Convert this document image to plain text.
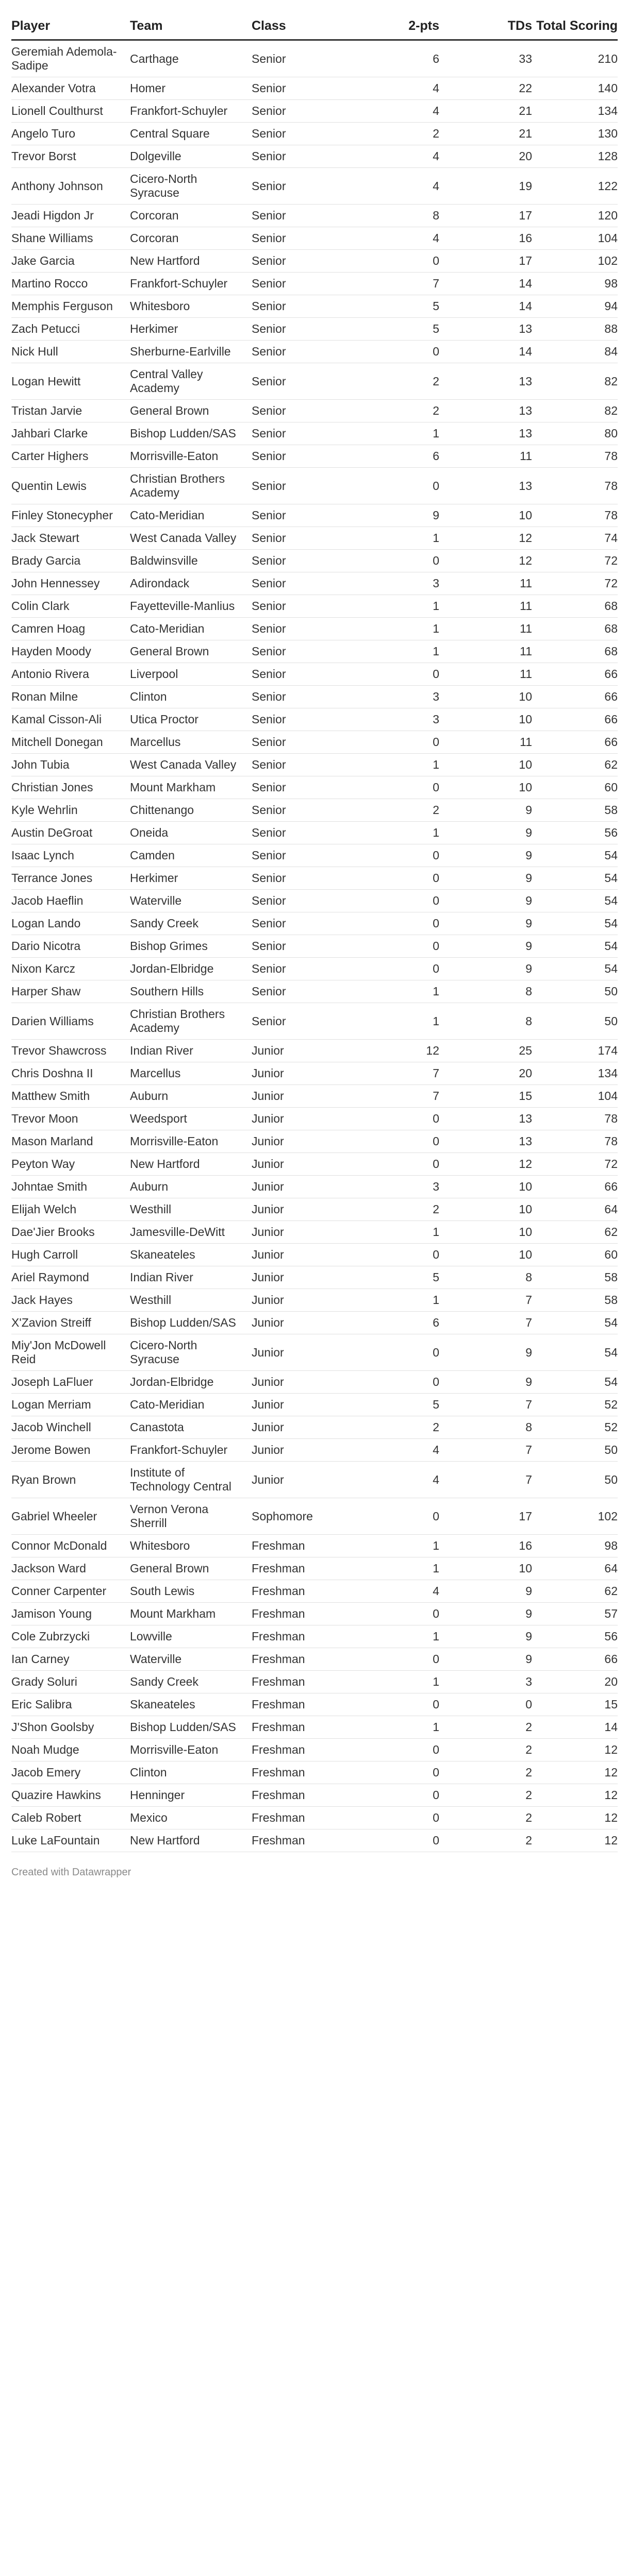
Player	Team	Class	2-pts	TDs	Total Scoring
Geremiah Ademola-Sadipe	Carthage	Senior	6	33	210
Alexander Votra	Homer	Senior	4	22	140
Lionell Coulthurst	Frankfort-Schuyler	Senior	4	21	134
Angelo Turo	Central Square	Senior	2	21	130
Trevor Borst	Dolgeville	Senior	4	20	128
Anthony Johnson	Cicero-North Syracuse	Senior	4	19	122
Jeadi Higdon Jr	Corcoran	Senior	8	17	120
Shane Williams	Corcoran	Senior	4	16	104
Jake Garcia	New Hartford	Senior	0	17	102
Martino Rocco	Frankfort-Schuyler	Senior	7	14	98
Memphis Ferguson	Whitesboro	Senior	5	14	94
Zach Petucci	Herkimer	Senior	5	13	88
Nick Hull	Sherburne-Earlville	Senior	0	14	84
Logan Hewitt	Central Valley Academy	Senior	2	13	82
Tristan Jarvie	General Brown	Senior	2	13	82
Jahbari Clarke	Bishop Ludden/SAS	Senior	1	13	80
Carter Highers	Morrisville-Eaton	Senior	6	11	78
Quentin Lewis	Christian Brothers Academy	Senior	0	13	78
Finley Stonecypher	Cato-Meridian	Senior	9	10	78
Jack Stewart	West Canada Valley	Senior	1	12	74
Brady Garcia	Baldwinsville	Senior	0	12	72
John Hennessey	Adirondack	Senior	3	11	72
Colin Clark	Fayetteville-Manlius	Senior	1	11	68
Camren Hoag	Cato-Meridian	Senior	1	11	68
Hayden Moody	General Brown	Senior	1	11	68
Antonio Rivera	Liverpool	Senior	0	11	66
Ronan Milne	Clinton	Senior	3	10	66
Kamal Cisson-Ali	Utica Proctor	Senior	3	10	66
Mitchell Donegan	Marcellus	Senior	0	11	66
John Tubia	West Canada Valley	Senior	1	10	62
Christian Jones	Mount Markham	Senior	0	10	60
Kyle Wehrlin	Chittenango	Senior	2	9	58
Austin DeGroat	Oneida	Senior	1	9	56
Isaac Lynch	Camden	Senior	0	9	54
Terrance Jones	Herkimer	Senior	0	9	54
Jacob Haeflin	Waterville	Senior	0	9	54
Logan Lando	Sandy Creek	Senior	0	9	54
Dario Nicotra	Bishop Grimes	Senior	0	9	54
Nixon Karcz	Jordan-Elbridge	Senior	0	9	54
Harper Shaw	Southern Hills	Senior	1	8	50
Darien Williams	Christian Brothers Academy	Senior	1	8	50
Trevor Shawcross	Indian River	Junior	12	25	174
Chris Doshna II	Marcellus	Junior	7	20	134
Matthew Smith	Auburn	Junior	7	15	104
Trevor Moon	Weedsport	Junior	0	13	78
Mason Marland	Morrisville-Eaton	Junior	0	13	78
Peyton Way	New Hartford	Junior	0	12	72
Johntae Smith	Auburn	Junior	3	10	66
Elijah Welch	Westhill	Junior	2	10	64
Dae'Jier Brooks	Jamesville-DeWitt	Junior	1	10	62
Hugh Carroll	Skaneateles	Junior	0	10	60
Ariel Raymond	Indian River	Junior	5	8	58
Jack Hayes	Westhill	Junior	1	7	58
X'Zavion Streiff	Bishop Ludden/SAS	Junior	6	7	54
Miy'Jon McDowell Reid	Cicero-North Syracuse	Junior	0	9	54
Joseph LaFluer	Jordan-Elbridge	Junior	0	9	54
Logan Merriam	Cato-Meridian	Junior	5	7	52
Jacob Winchell	Canastota	Junior	2	8	52
Jerome Bowen	Frankfort-Schuyler	Junior	4	7	50
Ryan Brown	Institute of Technology Central	Junior	4	7	50
Gabriel Wheeler	Vernon Verona Sherrill	Sophomore	0	17	102
Connor McDonald	Whitesboro	Freshman	1	16	98
Jackson Ward	General Brown	Freshman	1	10	64
Conner Carpenter	South Lewis	Freshman	4	9	62
Jamison Young	Mount Markham	Freshman	0	9	57
Cole Zubrzycki	Lowville	Freshman	1	9	56
Ian Carney	Waterville	Freshman	0	9	66
Grady Soluri	Sandy Creek	Freshman	1	3	20
Eric Salibra	Skaneateles	Freshman	0	0	15
J'Shon Goolsby	Bishop Ludden/SAS	Freshman	1	2	14
Noah Mudge	Morrisville-Eaton	Freshman	0	2	12
Jacob Emery	Clinton	Freshman	0	2	12
Quazire Hawkins	Henninger	Freshman	0	2	12
Caleb Robert	Mexico	Freshman	0	2	12
Luke LaFountain	New Hartford	Freshman	0	2	12
Created with Datawrapper
